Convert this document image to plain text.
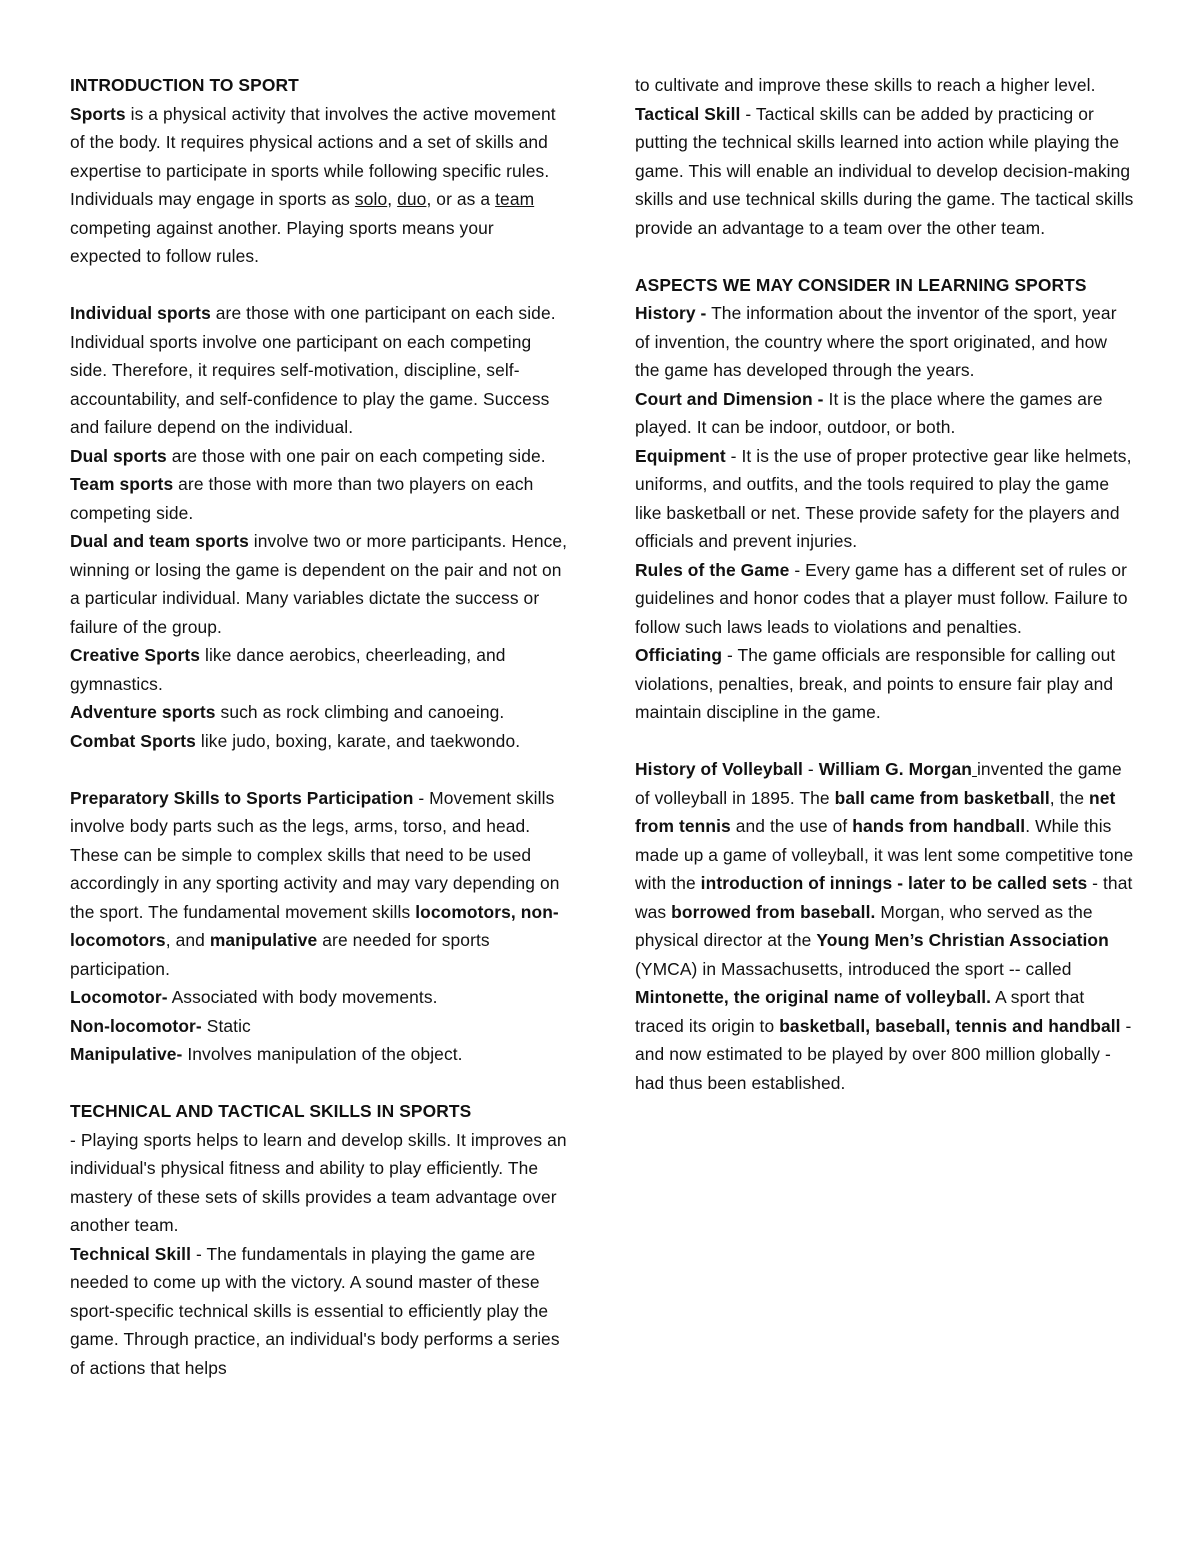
INTRODUCTION TO SPORT
Sports is a physical activity that involves the active movement of the body. It requires physical actions and a set of skills and expertise to participate in sports while following specific rules. Individuals may engage in sports as solo, duo, or as a team competing against another. Playing sports means your expected to follow rules.

Individual sports are those with one participant on each side. Individual sports involve one participant on each competing side. Therefore, it requires self-motivation, discipline, self-accountability, and self-confidence to play the game. Success and failure depend on the individual.

Dual sports are those with one pair on each competing side.

Team sports are those with more than two players on each competing side.

Dual and team sports involve two or more participants. Hence, winning or losing the game is dependent on the pair and not on a particular individual. Many variables dictate the success or failure of the group.

Creative Sports like dance aerobics, cheerleading, and gymnastics.

Adventure sports such as rock climbing and canoeing.

Combat Sports like judo, boxing, karate, and taekwondo.

Preparatory Skills to Sports Participation - Movement skills involve body parts such as the legs, arms, torso, and head. These can be simple to complex skills that need to be used accordingly in any sporting activity and may vary depending on the sport. The fundamental movement skills locomotors, non-locomotors, and manipulative are needed for sports participation.

Locomotor- Associated with body movements.

Non-locomotor- Static

Manipulative- Involves manipulation of the object.

TECHNICAL AND TACTICAL SKILLS IN SPORTS
- Playing sports helps to learn and develop skills. It improves an individual's physical fitness and ability to play efficiently. The mastery of these sets of skills provides a team advantage over another team.

Technical Skill - The fundamentals in playing the game are needed to come up with the victory. A sound master of these sport-specific technical skills is essential to efficiently play the game. Through practice, an individual's body performs a series of actions that helps

to cultivate and improve these skills to reach a higher level.

Tactical Skill - Tactical skills can be added by practicing or putting the technical skills learned into action while playing the game. This will enable an individual to develop decision-making skills and use technical skills during the game. The tactical skills provide an advantage to a team over the other team.

ASPECTS WE MAY CONSIDER IN LEARNING SPORTS
History - The information about the inventor of the sport, year of invention, the country where the sport originated, and how the game has developed through the years.

Court and Dimension - It is the place where the games are played. It can be indoor, outdoor, or both.

Equipment - It is the use of proper protective gear like helmets, uniforms, and outfits, and the tools required to play the game like basketball or net. These provide safety for the players and officials and prevent injuries.

Rules of the Game - Every game has a different set of rules or guidelines and honor codes that a player must follow. Failure to follow such laws leads to violations and penalties.

Officiating - The game officials are responsible for calling out violations, penalties, break, and points to ensure fair play and maintain discipline in the game.

History of Volleyball - William G. Morgan invented the game of volleyball in 1895. The ball came from basketball, the net from tennis and the use of hands from handball. While this made up a game of volleyball, it was lent some competitive tone with the introduction of innings - later to be called sets - that was borrowed from baseball. Morgan, who served as the physical director at the Young Men’s Christian Association (YMCA) in Massachusetts, introduced the sport -- called Mintonette, the original name of volleyball. A sport that traced its origin to basketball, baseball, tennis and handball - and now estimated to be played by over 800 million globally - had thus been established.
